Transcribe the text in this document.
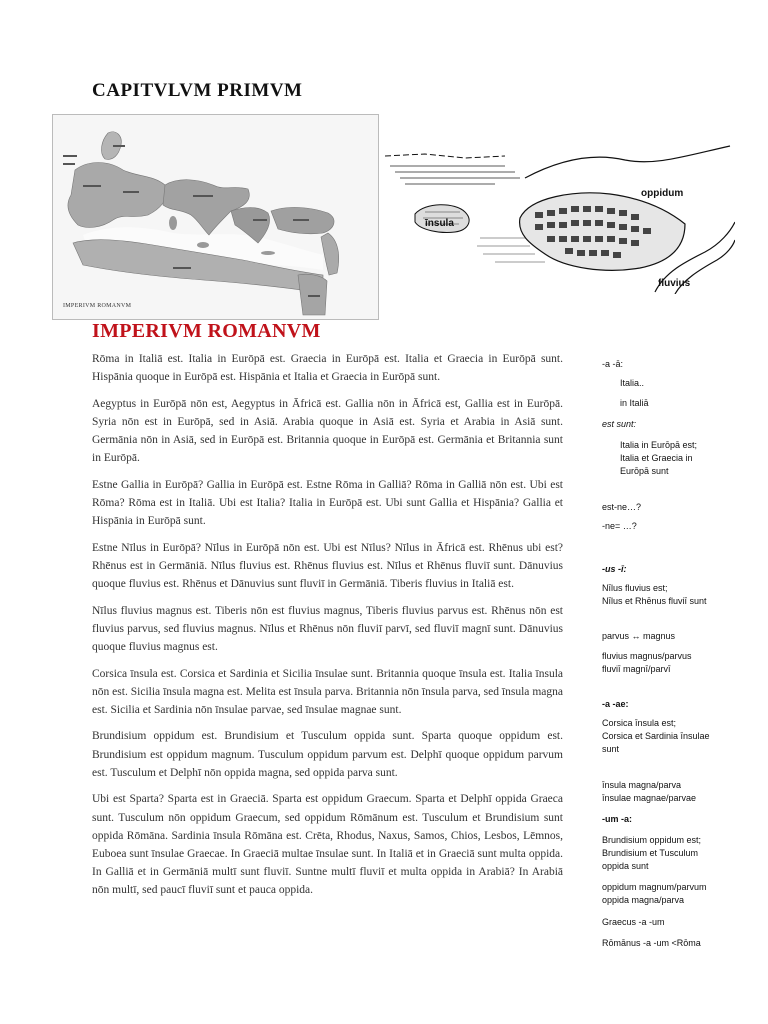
CAPITVLVM PRIMVM
IMPERIVM ROMANVM
oppidum
īnsula
fluvius
IMPERIVM ROMANVM

Rōma in Italiā est. Italia in Eurōpā est. Graecia in Eurōpā est. Italia et Graecia in Eurōpā sunt. Hispānia quoque in Eurōpā est. Hispānia et Italia et Graecia in Eurōpā sunt.

Aegyptus in Eurōpā nōn est, Aegyptus in Āfricā est. Gallia nōn in Āfricā est, Gallia est in Eurōpā. Syria nōn est in Eurōpā, sed in Asiā. Arabia quoque in Asiā est. Syria et Arabia in Asiā sunt. Germānia nōn in Asiā, sed in Eurōpā est. Britannia quoque in Eurōpā est. Germānia et Britannia sunt in Eurōpā.

Estne Gallia in Eurōpā? Gallia in Eurōpā est. Estne Rōma in Galliā? Rōma in Galliā nōn est. Ubi est Rōma? Rōma est in Italiā. Ubi est Italia? Italia in Eurōpā est. Ubi sunt Gallia et Hispānia? Gallia et Hispānia in Eurōpā sunt.

Estne Nīlus in Eurōpā? Nīlus in Eurōpā nōn est. Ubi est Nīlus? Nīlus in Āfricā est. Rhēnus ubi est? Rhēnus est in Germāniā. Nīlus fluvius est. Rhēnus fluvius est. Nīlus et Rhēnus fluviī sunt. Dānuvius quoque fluvius est. Rhēnus et Dānuvius sunt fluviī in Germāniā. Tiberis fluvius in Italiā est.

Nīlus fluvius magnus est. Tiberis nōn est fluvius magnus, Tiberis fluvius parvus est. Rhēnus nōn est fluvius parvus, sed fluvius magnus. Nīlus et Rhēnus nōn fluviī parvī, sed fluviī magnī sunt. Dānuvius quoque fluvius magnus est.

Corsica īnsula est. Corsica et Sardinia et Sicilia īnsulae sunt. Britannia quoque īnsula est. Italia īnsula nōn est. Sicilia īnsula magna est. Melita est īnsula parva. Britannia nōn īnsula parva, sed īnsula magna est. Sicilia et Sardinia nōn īnsulae parvae, sed īnsulae magnae sunt.

Brundisium oppidum est. Brundisium et Tusculum oppida sunt. Sparta quoque oppidum est. Brundisium est oppidum magnum. Tusculum oppidum parvum est. Delphī quoque oppidum parvum est. Tusculum et Delphī nōn oppida magna, sed oppida parva sunt.

Ubi est Sparta? Sparta est in Graeciā. Sparta est oppidum Graecum. Sparta et Delphī oppida Graeca sunt. Tusculum nōn oppidum Graecum, sed oppidum Rōmānum est. Tusculum et Brundisium sunt oppida Rōmāna. Sardinia īnsula Rōmāna est. Crēta, Rhodus, Naxus, Samos, Chios, Lesbos, Lēmnos, Euboea sunt īnsulae Graecae. In Graeciā multae īnsulae sunt. In Italiā et in Graeciā sunt multa oppida. In Galliā et in Germāniā multī sunt fluviī. Suntne multī fluviī et multa oppida in Arabiā? In Arabiā nōn multī, sed paucī fluviī sunt et pauca oppida.

-a -ā:
Italia..
in Italiā
est sunt:
Italia in Eurōpā est;
Italia et Graecia in
Eurōpā sunt
est-ne…?
-ne= …?
-us -ī:
Nīlus fluvius est;
Nīlus et Rhēnus fluviī sunt
parvus ↔ magnus
fluvius magnus/parvus
fluviī magnī/parvī
-a -ae:
Corsica īnsula est;
Corsica et Sardinia īnsulae
sunt
īnsula magna/parva
īnsulae magnae/parvae
-um -a:
Brundisium oppidum est;
Brundisium et Tusculum
oppida sunt
oppidum magnum/parvum
oppida magna/parva
Graecus -a -um
Rōmānus -a -um <Rōma
